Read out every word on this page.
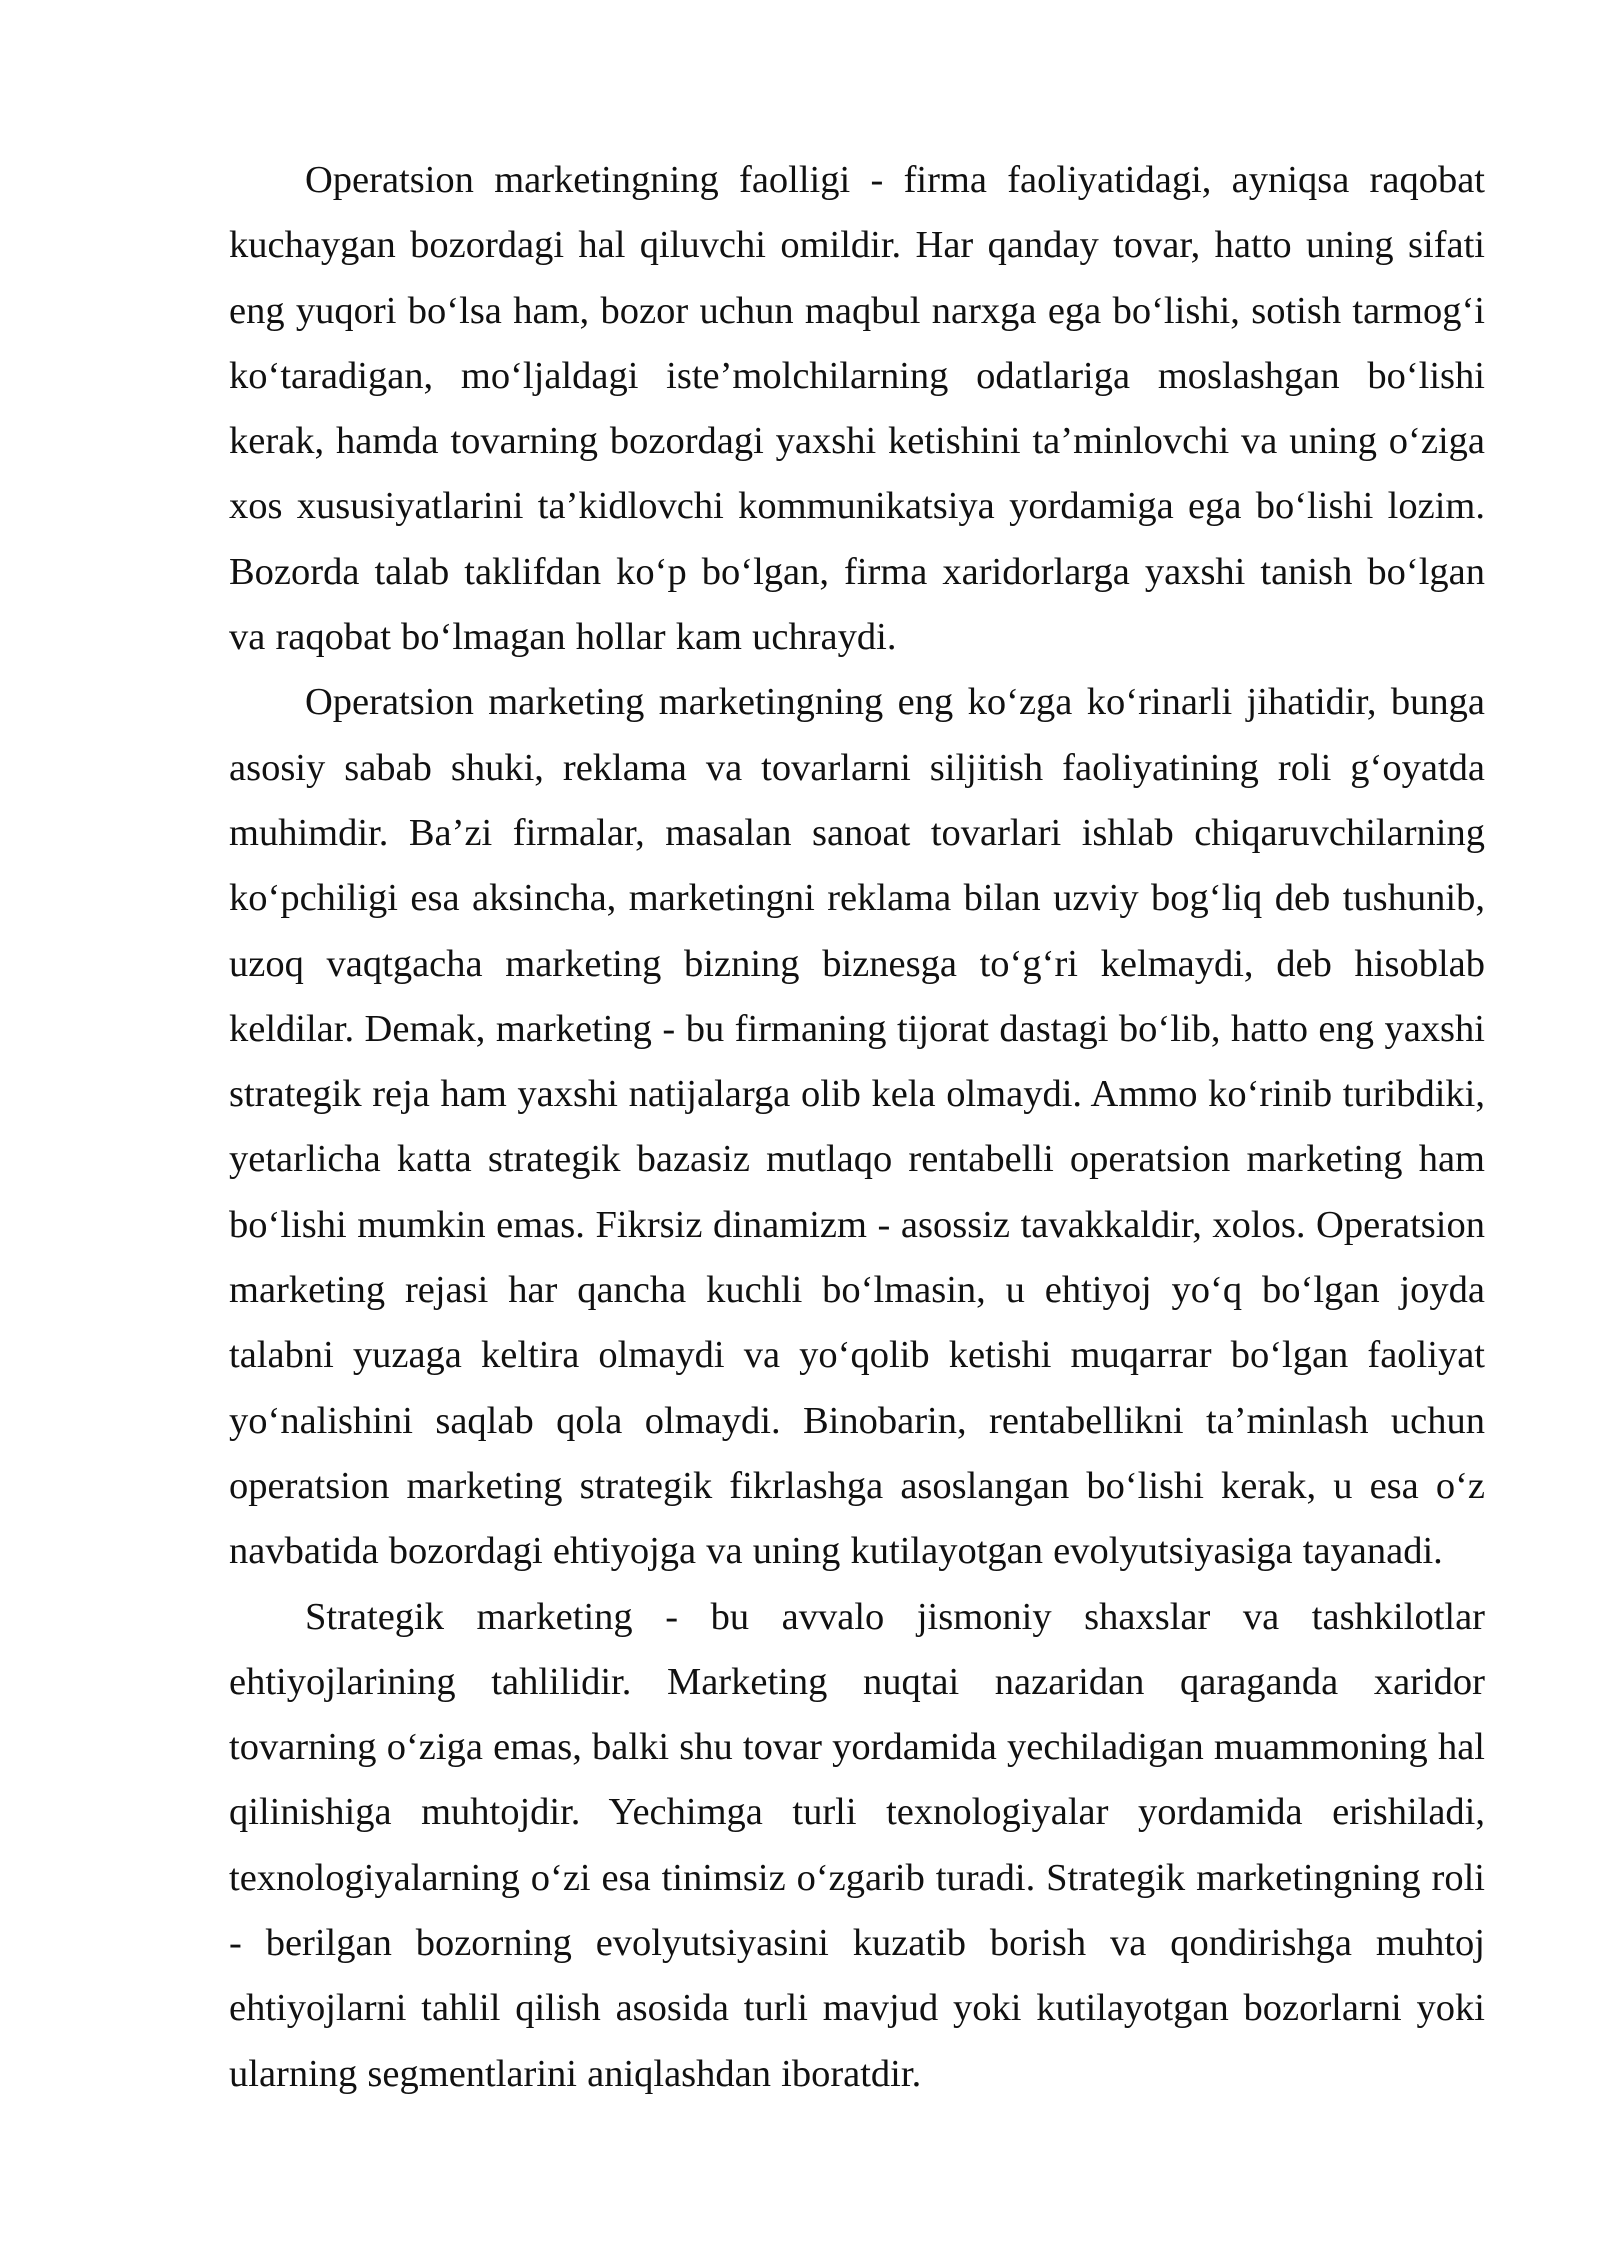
Operatsion marketingning faolligi - firma faoliyatidagi, ayniqsa raqobat kuchaygan bozordagi hal qiluvchi omildir. Har qanday tovar, hatto uning sifati eng yuqori bo‘lsa ham, bozor uchun maqbul narxga ega bo‘lishi, sotish tarmog‘i ko‘taradigan, mo‘ljaldagi iste’molchilarning odatlariga moslashgan bo‘lishi kerak, hamda tovarning bozordagi yaxshi ketishini ta’minlovchi va uning o‘ziga xos xususiyatlarini ta’kidlovchi kommunikatsiya yordamiga ega bo‘lishi lozim. Bozorda talab taklifdan ko‘p bo‘lgan, firma xaridorlarga yaxshi tanish bo‘lgan va raqobat bo‘lmagan hollar kam uchraydi.

Operatsion marketing marketingning eng ko‘zga ko‘rinarli jihatidir, bunga asosiy sabab shuki, reklama va tovarlarni siljitish faoliyatining roli g‘oyatda muhimdir. Ba’zi firmalar, masalan sanoat tovarlari ishlab chiqaruvchilarning ko‘pchiligi esa aksincha, marketingni reklama bilan uzviy bog‘liq deb tushunib, uzoq vaqtgacha marketing bizning biznesga to‘g‘ri kelmaydi, deb hisoblab keldilar. Demak, marketing - bu firmaning tijorat dastagi bo‘lib, hatto eng yaxshi strategik reja ham yaxshi natijalarga olib kela olmaydi. Ammo ko‘rinib turibdiki, yetarlicha katta strategik bazasiz mutlaqo rentabelli operatsion marketing ham bo‘lishi mumkin emas. Fikrsiz dinamizm - asossiz tavakkaldir, xolos. Operatsion marketing rejasi har qancha kuchli bo‘lmasin, u ehtiyoj yo‘q bo‘lgan joyda talabni yuzaga keltira olmaydi va yo‘qolib ketishi muqarrar bo‘lgan faoliyat yo‘nalishini saqlab qola olmaydi. Binobarin, rentabellikni ta’minlash uchun operatsion marketing strategik fikrlashga asoslangan bo‘lishi kerak, u esa o‘z navbatida bozordagi ehtiyojga va uning kutilayotgan evolyutsiyasiga tayanadi.

Strategik marketing - bu avvalo jismoniy shaxslar va tashkilotlar ehtiyojlarining tahlilidir. Marketing nuqtai nazaridan qaraganda xaridor tovarning o‘ziga emas, balki shu tovar yordamida yechiladigan muammoning hal qilinishiga muhtojdir. Yechimga turli texnologiyalar yordamida erishiladi, texnologiyalarning o‘zi esa tinimsiz o‘zgarib turadi. Strategik marketingning roli - berilgan bozorning evolyutsiyasini kuzatib borish va qondirishga muhtoj ehtiyojlarni tahlil qilish asosida turli mavjud yoki kutilayotgan bozorlarni yoki ularning segmentlarini aniqlashdan iboratdir.
